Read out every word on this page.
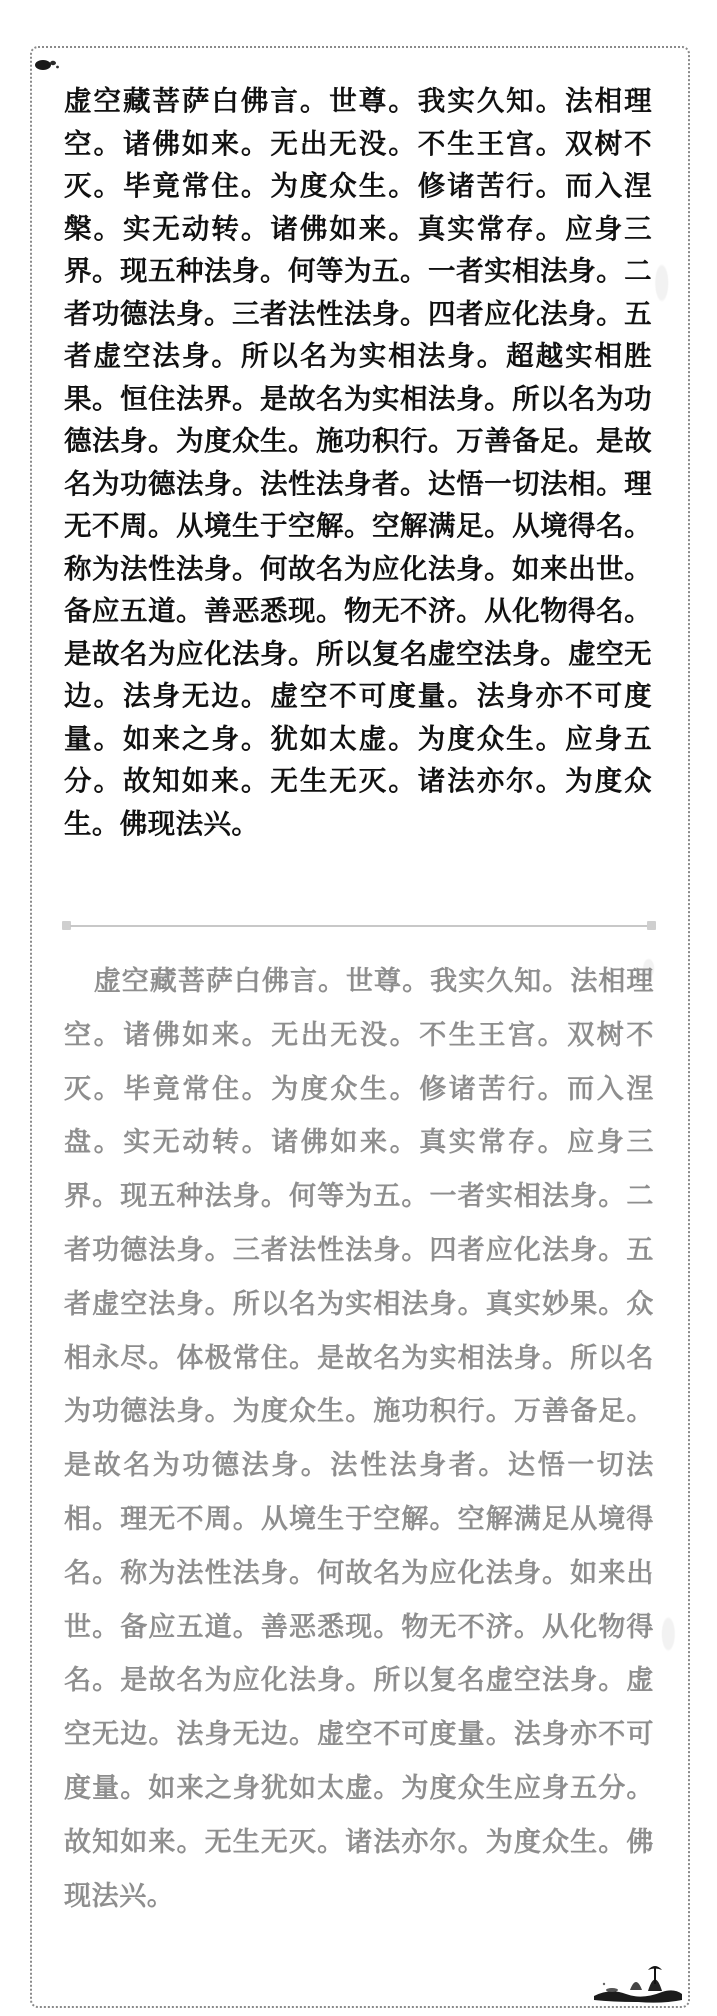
虚空藏菩萨白佛言。世尊。我实久知。法相理空。诸佛如来。无出无没。不生王宫。双树不灭。毕竟常住。为度众生。修诸苦行。而入涅槃。实无动转。诸佛如来。真实常存。应身三界。现五种法身。何等为五。一者实相法身。二者功德法身。三者法性法身。四者应化法身。五者虚空法身。所以名为实相法身。超越实相胜果。恒住法界。是故名为实相法身。所以名为功德法身。为度众生。施功积行。万善备足。是故名为功德法身。法性法身者。达悟一切法相。理无不周。从境生于空解。空解满足。从境得名。称为法性法身。何故名为应化法身。如来出世。备应五道。善恶悉现。物无不济。从化物得名。是故名为应化法身。所以复名虚空法身。虚空无边。法身无边。虚空不可度量。法身亦不可度量。如来之身。犹如太虚。为度众生。应身五分。故知如来。无生无灭。诸法亦尔。为度众生。佛现法兴。

虚空藏菩萨白佛言。世尊。我实久知。法相理空。诸佛如来。无出无没。不生王宫。双树不灭。毕竟常住。为度众生。修诸苦行。而入涅盘。实无动转。诸佛如来。真实常存。应身三界。现五种法身。何等为五。一者实相法身。二者功德法身。三者法性法身。四者应化法身。五者虚空法身。所以名为实相法身。真实妙果。众相永尽。体极常住。是故名为实相法身。所以名为功德法身。为度众生。施功积行。万善备足。是故名为功德法身。法性法身者。达悟一切法相。理无不周。从境生于空解。空解满足从境得名。称为法性法身。何故名为应化法身。如来出世。备应五道。善恶悉现。物无不济。从化物得名。是故名为应化法身。所以复名虚空法身。虚空无边。法身无边。虚空不可度量。法身亦不可度量。如来之身犹如太虚。为度众生应身五分。故知如来。无生无灭。诸法亦尔。为度众生。佛现法兴。
